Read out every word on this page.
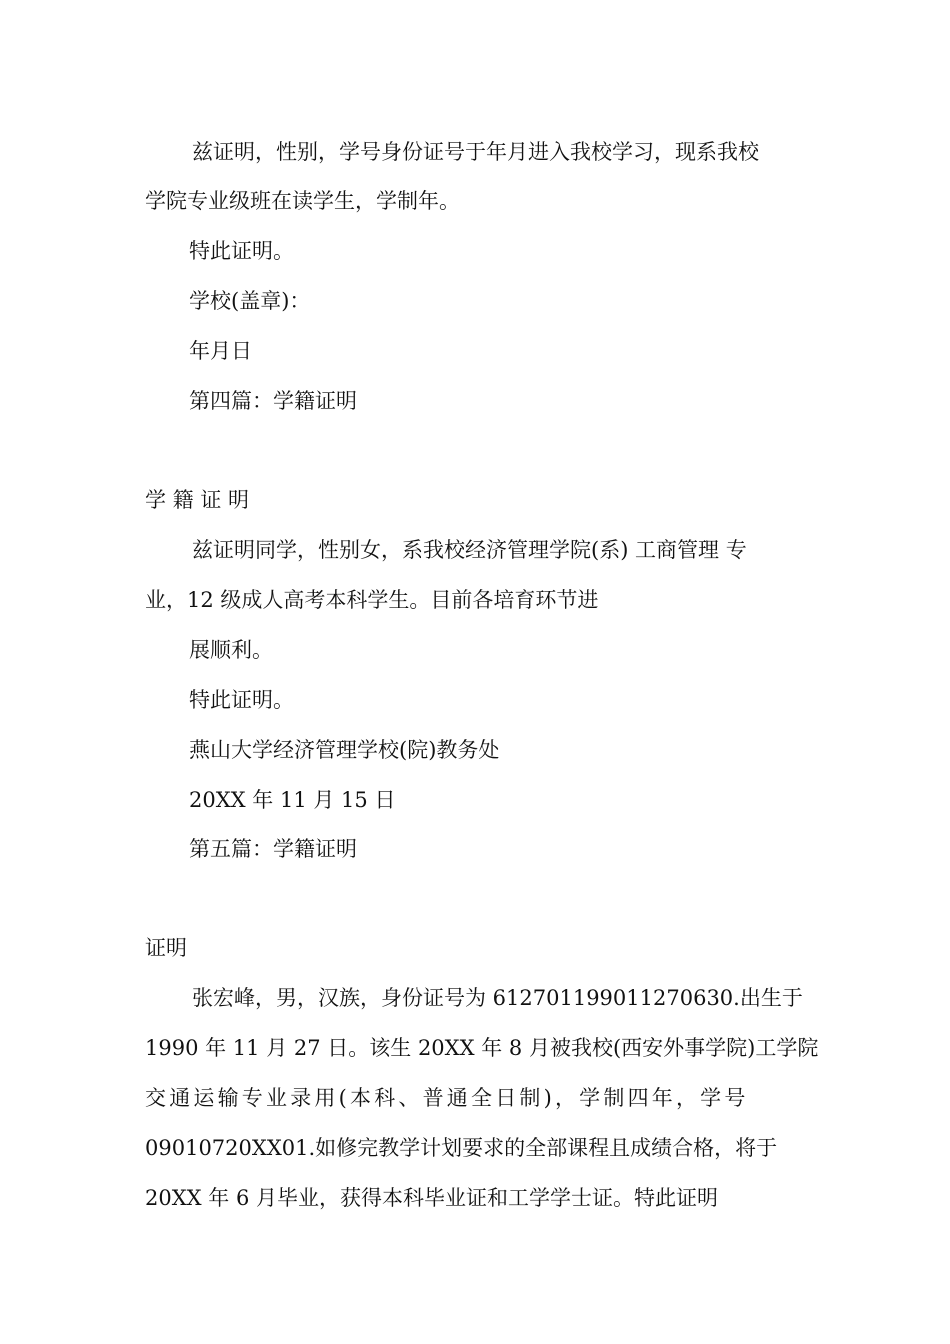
兹证明，性别，学号身份证号于年月进入我校学习，现系我校
学院专业级班在读学生，学制年。
特此证明。
学校(盖章)：
年月日
第四篇：学籍证明
学 籍 证 明
兹证明同学，性别女，系我校经济管理学院(系) 工商管理 专
业，12 级成人高考本科学生。目前各培育环节进
展顺利。
特此证明。
燕山大学经济管理学校(院)教务处
20XX 年 11 月 15 日
第五篇：学籍证明
证明
张宏峰，男，汉族，身份证号为 612701199011270630.出生于
1990 年 11 月 27 日。该生 20XX 年 8 月被我校(西安外事学院)工学院
交通运输专业录用(本科、普通全日制)，学制四年，学号
09010720XX01.如修完教学计划要求的全部课程且成绩合格，将于
20XX 年 6 月毕业，获得本科毕业证和工学学士证。特此证明
